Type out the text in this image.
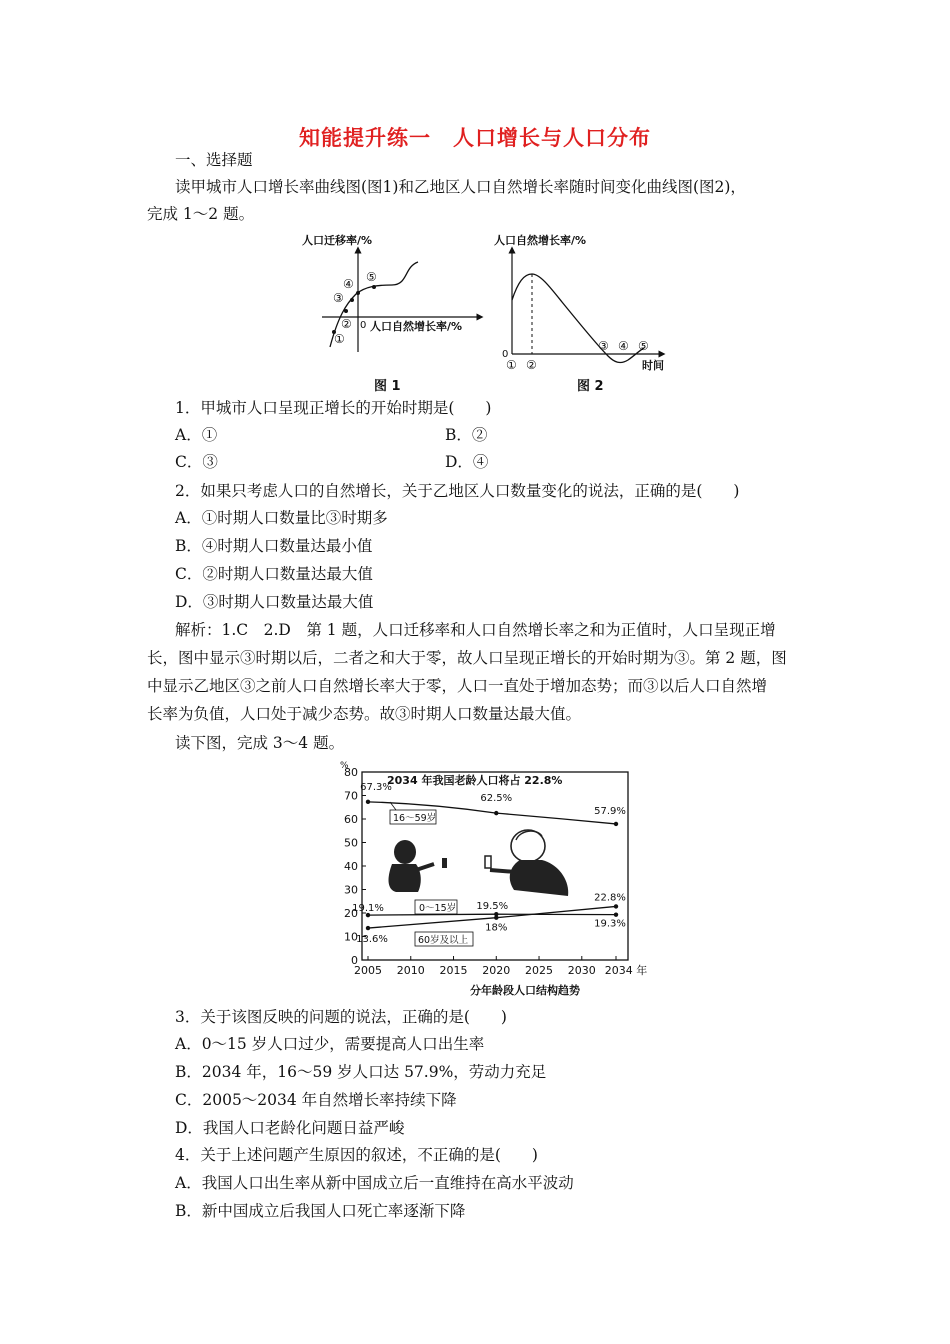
知能提升练一　人口增长与人口分布
一、选择题
读甲城市人口增长率曲线图(图1)和乙地区人口自然增长率随时间变化曲线图(图2)，
完成 1～2 题。
人口迁移率/%
①
②
③
④ ⑤
0 人口自然增长率/%
图 1
人口自然增长率/%
0
① ②
③ ④ ⑤
时间
图 2
1．甲城市人口呈现正增长的开始时期是(　　)
A．①	B．②
C．③	D．④
2．如果只考虑人口的自然增长，关于乙地区人口数量变化的说法，正确的是(　　)
A．①时期人口数量比③时期多
B．④时期人口数量达最小值
C．②时期人口数量达最大值
D．③时期人口数量达最大值
解析：1.C　2.D　第 1 题，人口迁移率和人口自然增长率之和为正值时，人口呈现正增
长，图中显示③时期以后，二者之和大于零，故人口呈现正增长的开始时期为③。第 2 题，图
中显示乙地区③之前人口自然增长率大于零，人口一直处于增加态势；而③以后人口自然增
长率为负值，人口处于减少态势。故③时期人口数量达最大值。
读下图，完成 3～4 题。
%
2034 年我国老龄人口将占 22.8%
16～59岁
0～15岁
60岁及以上
0
10
20
30
40
50
60
70
80
2005 2010 2015 2020 2025 2030 2034 年
67.3%
62.5%
57.9%
19.1%	19.5%
19.3%
13.6%
18%
22.8%
分年龄段人口结构趋势
3．关于该图反映的问题的说法，正确的是(　　)
A．0～15 岁人口过少，需要提高人口出生率
B．2034 年，16～59 岁人口达 57.9%，劳动力充足
C．2005～2034 年自然增长率持续下降
D．我国人口老龄化问题日益严峻
4．关于上述问题产生原因的叙述，不正确的是(　　)
A．我国人口出生率从新中国成立后一直维持在高水平波动
B．新中国成立后我国人口死亡率逐渐下降
